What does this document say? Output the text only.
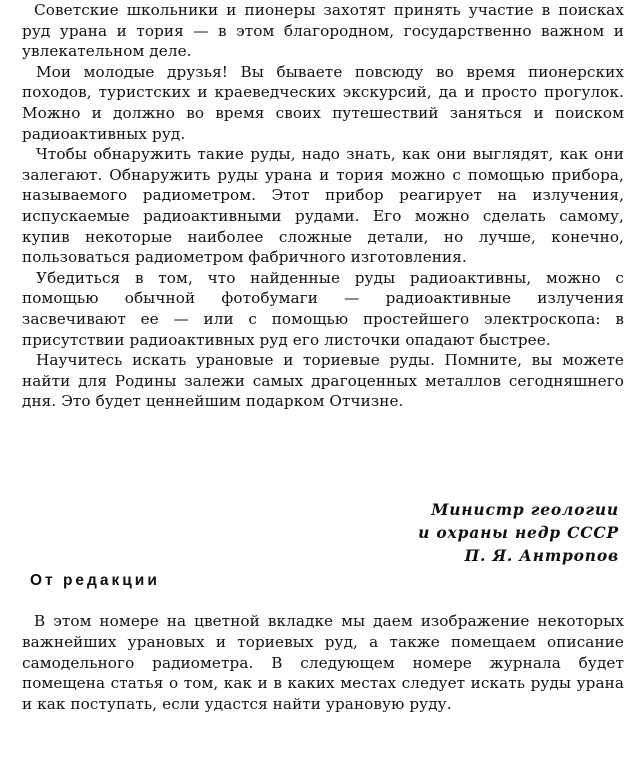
Советские школьники и пионеры захотят принять участие в поисках руд урана и тория — в этом благородном, государственно важном и увлекательном деле.

Мои молодые друзья! Вы бываете повсюду во время пионерских походов, туристских и краеведческих экскурсий, да и просто прогулок. Можно и должно во время своих путешествий заняться и поиском радиоактивных руд.

Чтобы обнаружить такие руды, надо знать, как они выглядят, как они залегают. Обнаружить руды урана и тория можно с помощью прибора, называемого радиометром. Этот прибор реагирует на излучения, испускаемые радиоактивными рудами. Его можно сделать самому, купив некоторые наиболее сложные детали, но лучше, конечно, пользоваться радиометром фабричного изготовления.

Убедиться в том, что найденные руды радиоактивны, можно с помощью обычной фотобумаги — радиоактивные излучения засвечивают ее — или с помощью простейшего электроскопа: в присутствии радиоактивных руд его листочки опадают быстрее.

Научитесь искать урановые и ториевые руды. Помните, вы можете найти для Родины залежи самых драгоценных металлов сегодняшнего дня. Это будет ценнейшим подарком Отчизне.

Министр геологии
и охраны недр СССР
П. Я. Антропов
От редакции

В этом номере на цветной вкладке мы даем изображение некоторых важнейших урановых и ториевых руд, а также помещаем описание самодельного радиометра. В следующем номере журнала будет помещена статья о том, как и в каких местах следует искать руды урана и как поступать, если удастся найти урановую руду.
